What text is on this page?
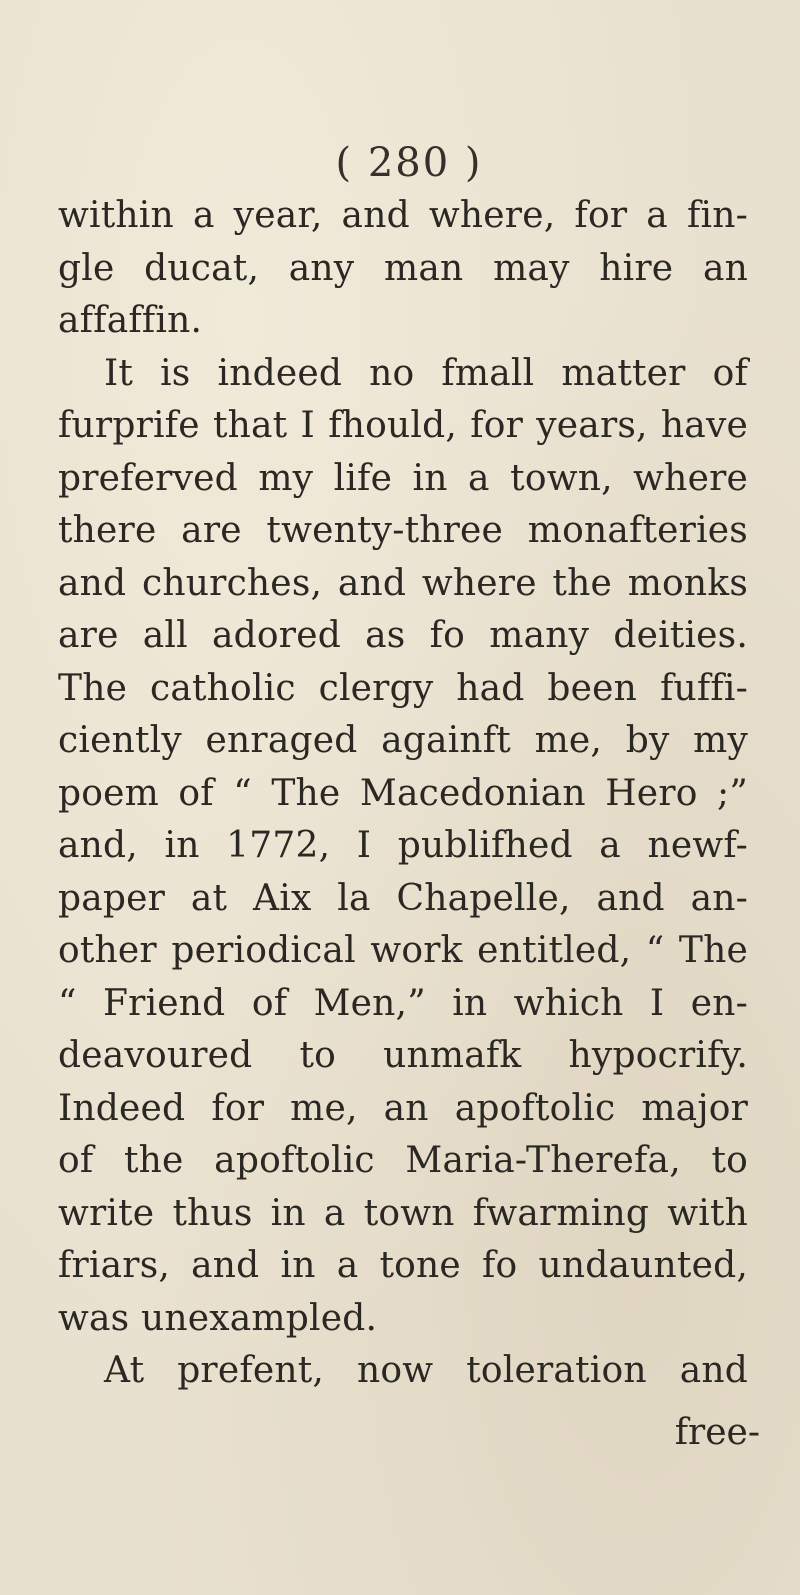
( 280 )
within a year, and where, for a fin-
gle ducat, any man may hire an
affaffin.
It is indeed no fmall matter of
furprife that I fhould, for years, have
preferved my life in a town, where
there are twenty-three monafteries
and churches, and where the monks
are all adored as fo many deities.
The catholic clergy had been fuffi-
ciently enraged againft me, by my
poem of “ The Macedonian Hero ;”
and, in 1772, I publifhed a newf-
paper at Aix la Chapelle, and an-
other periodical work entitled, “ The
“ Friend of Men,” in which I en-
deavoured to unmafk hypocrify.
Indeed for me, an apoftolic major
of the apoftolic Maria-Therefa, to
write thus in a town fwarming with
friars, and in a tone fo undaunted,
was unexampled.
At prefent, now toleration and
free-
